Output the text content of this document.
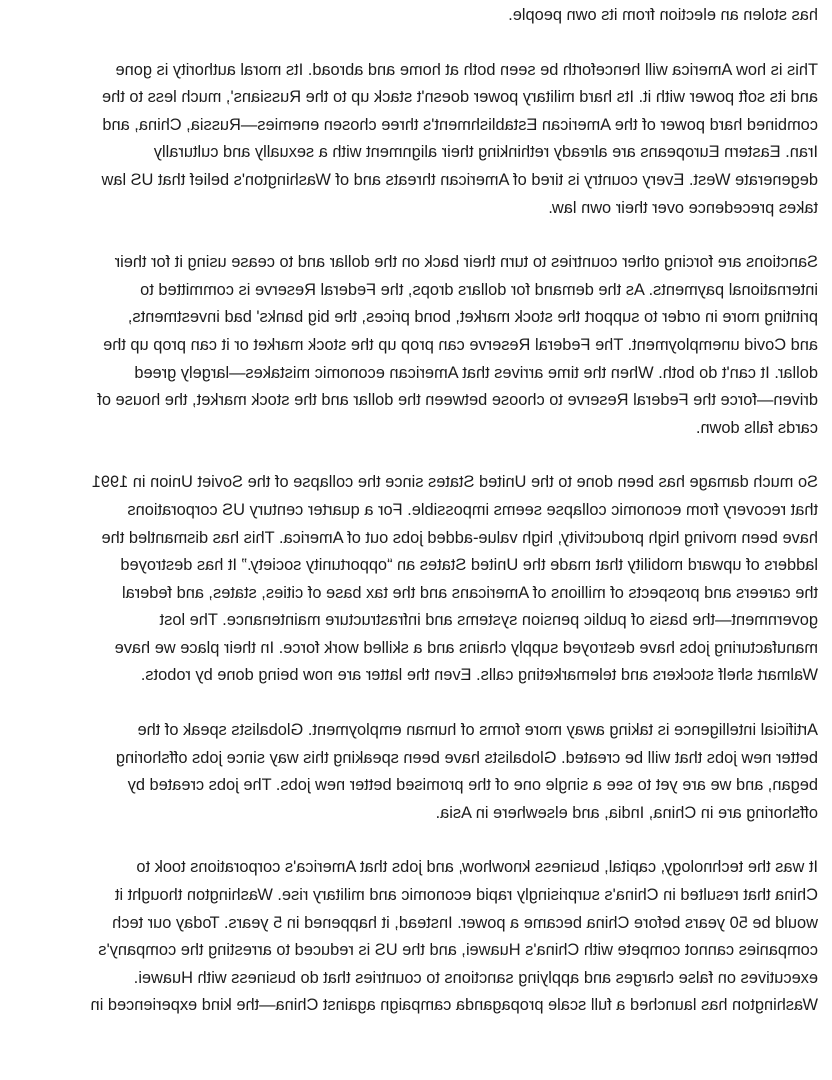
has stolen an election from its own people.

This is how America will henceforth be seen both at home and abroad. Its moral authority is gone
and its soft power with it. Its hard military power doesn't stack up to the Russians', much less to the
combined hard power of the American Establishment's three chosen enemies—Russia, China, and
Iran. Eastern Europeans are already rethinking their alignment with a sexually and culturally
degenerate West. Every country is tired of American threats and of Washington's belief that US law
takes precedence over their own law.

Sanctions are forcing other countries to turn their back on the dollar and to cease using it for their
international payments. As the demand for dollars drops, the Federal Reserve is committed to
printing more in order to support the stock market, bond prices, the big banks' bad investments,
and Covid unemployment. The Federal Reserve can prop up the stock market or it can prop up the
dollar. It can't do both. When the time arrives that American economic mistakes—largely greed
driven—force the Federal Reserve to choose between the dollar and the stock market, the house of
cards falls down.

So much damage has been done to the United States since the collapse of the Soviet Union in 1991
that recovery from economic collapse seems impossible. For a quarter century US corporations
have been moving high productivity, high value-added jobs out of America. This has dismantled the
ladders of upward mobility that made the United States an “opportunity society.” It has destroyed
the careers and prospects of millions of Americans and the tax base of cities, states, and federal
government—the basis of public pension systems and infrastructure maintenance. The lost
manufacturing jobs have destroyed supply chains and a skilled work force. In their place we have
Walmart shelf stockers and telemarketing calls. Even the latter are now being done by robots.

Artificial intelligence is taking away more forms of human employment. Globalists speak of the
better new jobs that will be created. Globalists have been speaking this way since jobs offshoring
began, and we are yet to see a single one of the promised better new jobs. The jobs created by
offshoring are in China, India, and elsewhere in Asia.

It was the technology, capital, business knowhow, and jobs that America's corporations took to
China that resulted in China's surprisingly rapid economic and military rise. Washington thought it
would be 50 years before China became a power. Instead, it happened in 5 years. Today our tech
companies cannot compete with China's Huawei, and the US is reduced to arresting the company's
executives on false charges and applying sanctions to countries that do business with Huawei.
Washington has launched a full scale propaganda campaign against China—the kind experienced in
